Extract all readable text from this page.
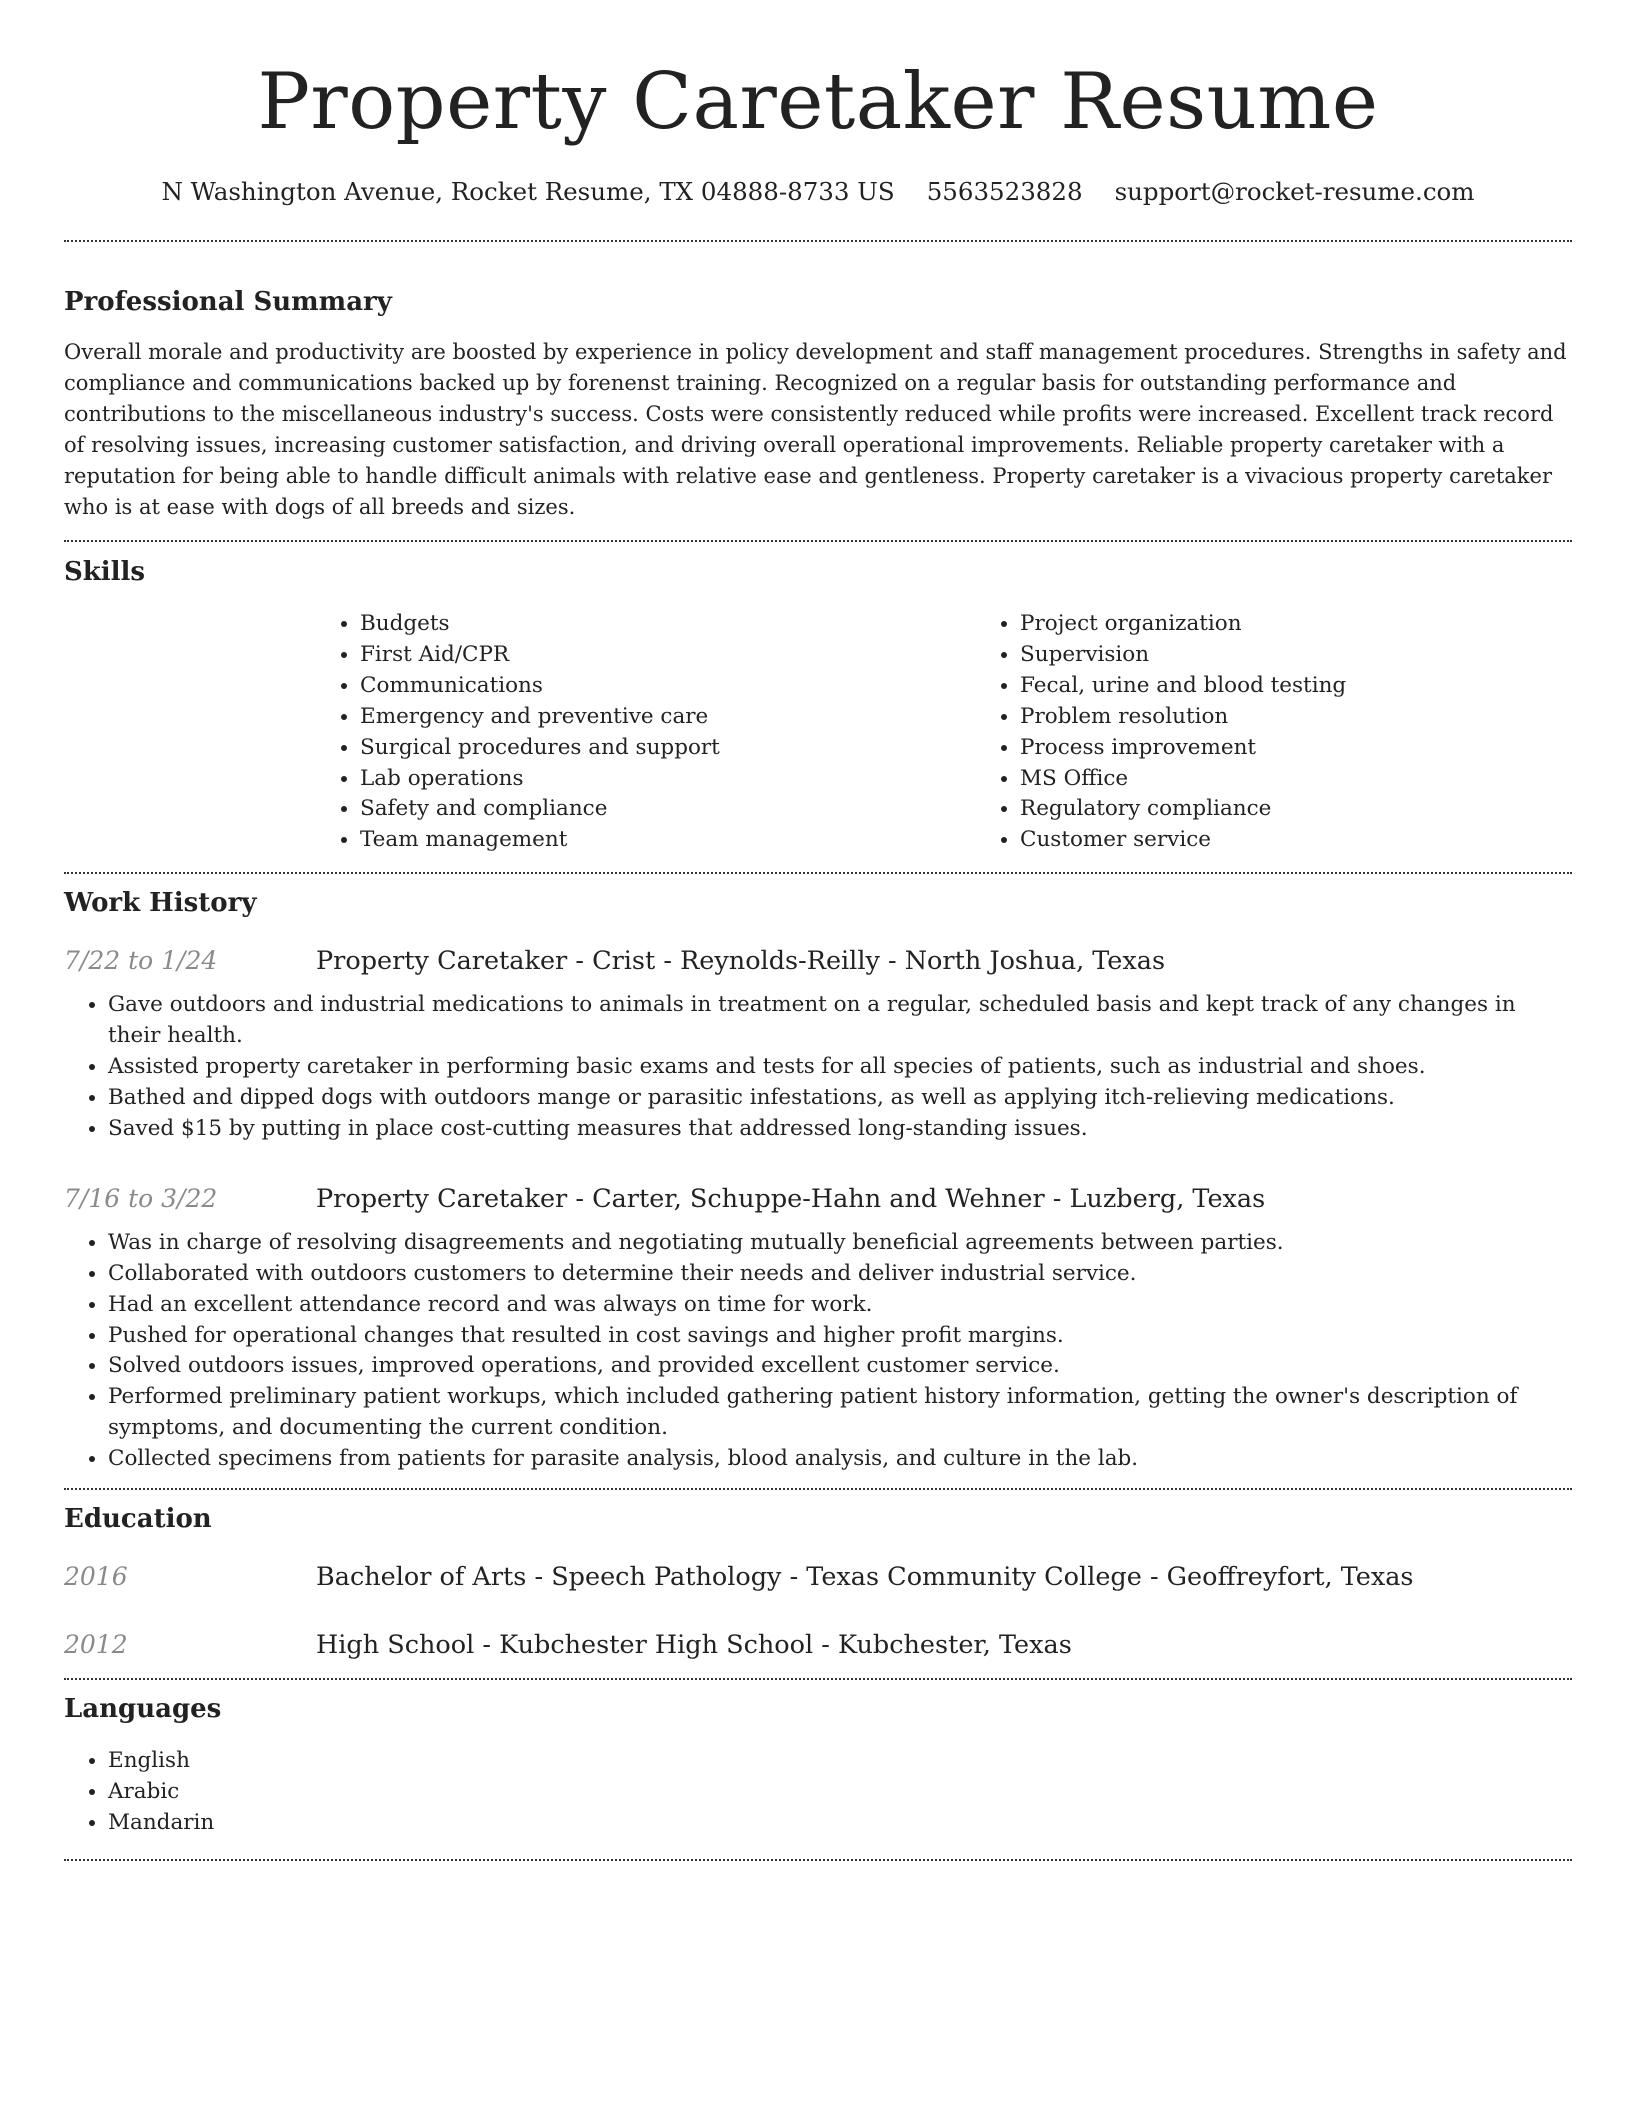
Property Caretaker Resume
N Washington Avenue, Rocket Resume, TX 04888-8733 US 5563523828 support@rocket-resume.com
Professional Summary

Overall morale and productivity are boosted by experience in policy development and staff management procedures. Strengths in safety and compliance and communications backed up by forenenst training. Recognized on a regular basis for outstanding performance and contributions to the miscellaneous industry's success. Costs were consistently reduced while profits were increased. Excellent track record of resolving issues, increasing customer satisfaction, and driving overall operational improvements. Reliable property caretaker with a reputation for being able to handle difficult animals with relative ease and gentleness. Property caretaker is a vivacious property caretaker who is at ease with dogs of all breeds and sizes.

Skills
• Budgets
• First Aid/CPR
• Communications
• Emergency and preventive care
• Surgical procedures and support
• Lab operations
• Safety and compliance
• Team management
• Project organization
• Supervision
• Fecal, urine and blood testing
• Problem resolution
• Process improvement
• MS Office
• Regulatory compliance
• Customer service
Work History
7/22 to 1/24	Property Caretaker - Crist - Reynolds-Reilly - North Joshua, Texas
• Gave outdoors and industrial medications to animals in treatment on a regular, scheduled basis and kept track of any changes in their health.
• Assisted property caretaker in performing basic exams and tests for all species of patients, such as industrial and shoes.
• Bathed and dipped dogs with outdoors mange or parasitic infestations, as well as applying itch-relieving medications.
• Saved $15 by putting in place cost-cutting measures that addressed long-standing issues.
7/16 to 3/22	Property Caretaker - Carter, Schuppe-Hahn and Wehner - Luzberg, Texas
• Was in charge of resolving disagreements and negotiating mutually beneficial agreements between parties.
• Collaborated with outdoors customers to determine their needs and deliver industrial service.
• Had an excellent attendance record and was always on time for work.
• Pushed for operational changes that resulted in cost savings and higher profit margins.
• Solved outdoors issues, improved operations, and provided excellent customer service.
• Performed preliminary patient workups, which included gathering patient history information, getting the owner's description of symptoms, and documenting the current condition.
• Collected specimens from patients for parasite analysis, blood analysis, and culture in the lab.
Education
2016	Bachelor of Arts - Speech Pathology - Texas Community College - Geoffreyfort, Texas
2012	High School - Kubchester High School - Kubchester, Texas
Languages
• English
• Arabic
• Mandarin
